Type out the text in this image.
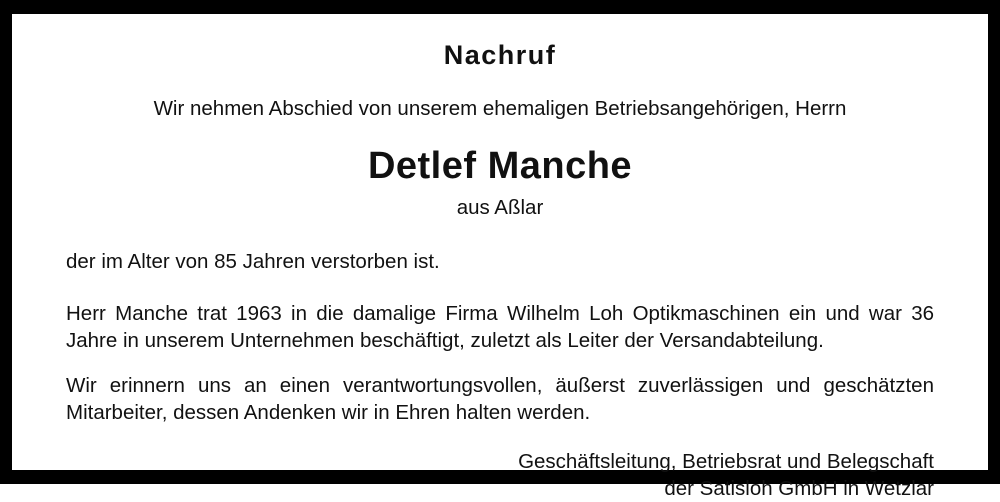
Nachruf
Wir nehmen Abschied von unserem ehemaligen Betriebsangehörigen, Herrn
Detlef Manche
aus Aßlar
der im Alter von 85 Jahren verstorben ist.
Herr Manche trat 1963 in die damalige Firma Wilhelm Loh Optikmaschinen ein und war 36 Jahre in unserem Unternehmen beschäftigt, zuletzt als Leiter der Versandabteilung.
Wir erinnern uns an einen verantwortungsvollen, äußerst zuverlässigen und geschätzten Mitarbeiter, dessen Andenken wir in Ehren halten werden.
Geschäftsleitung, Betriebsrat und Belegschaft
der Satisloh GmbH in Wetzlar
